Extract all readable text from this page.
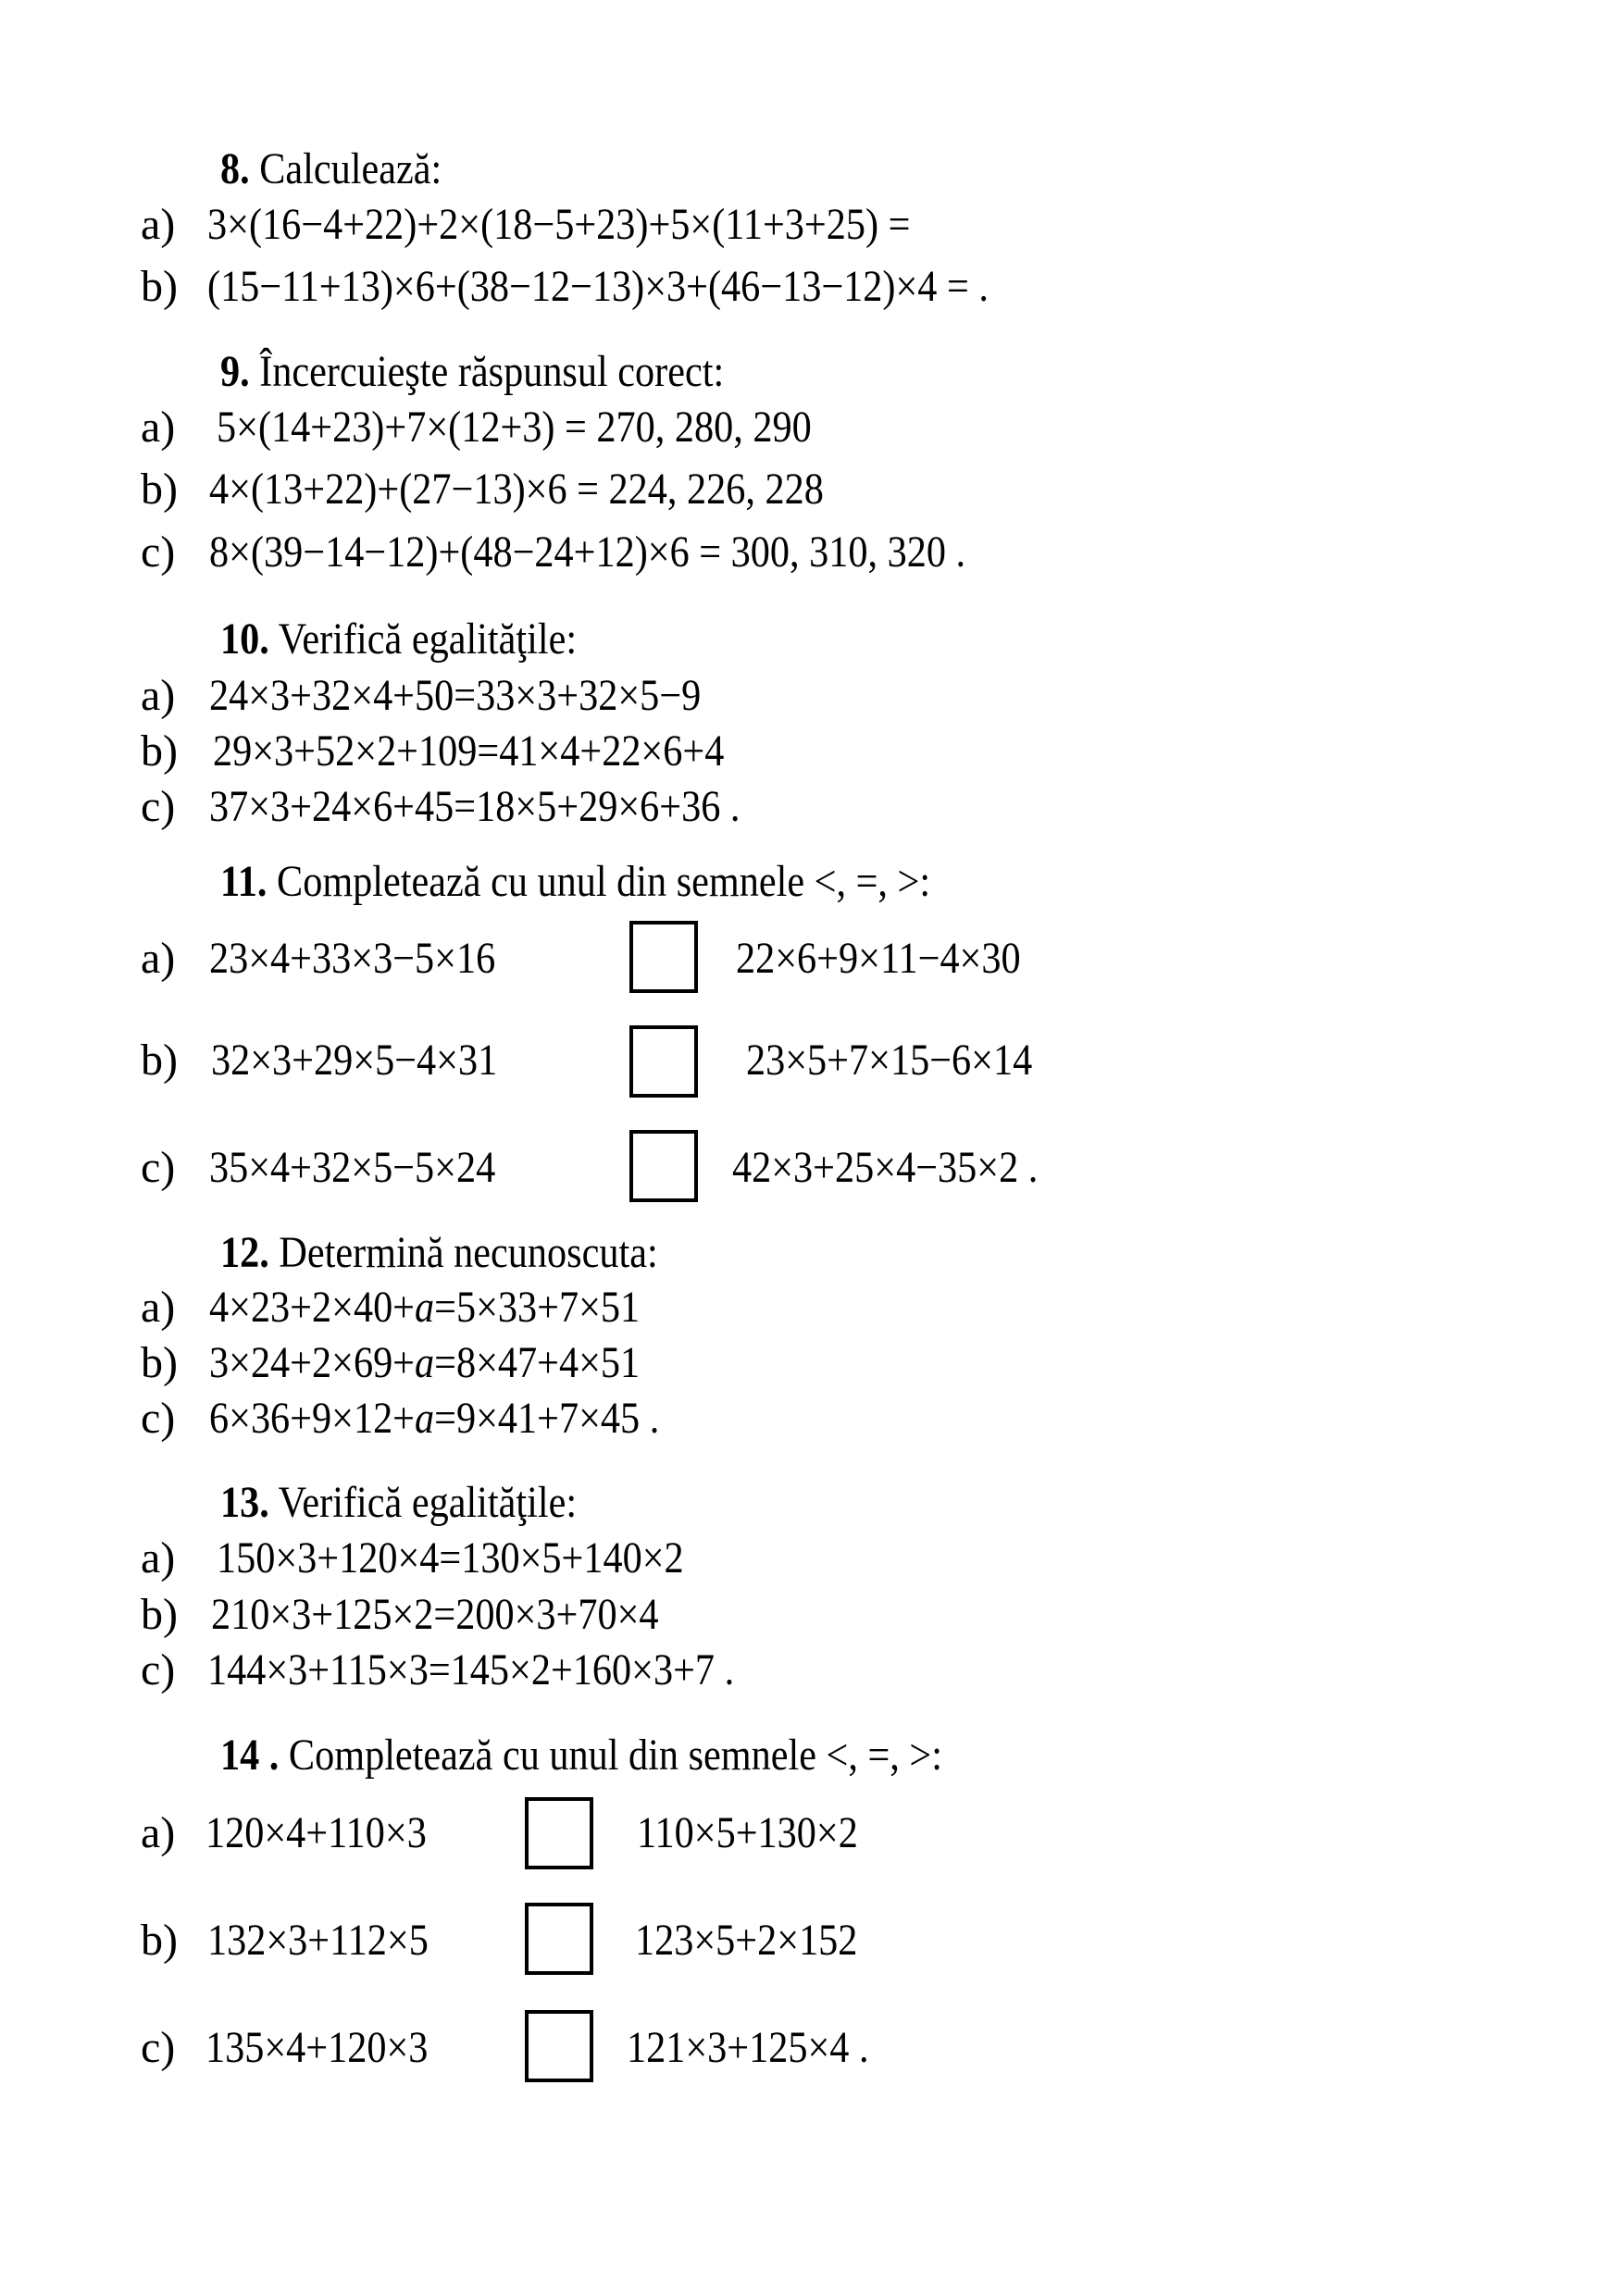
8. Calculează:
a) 3×(16−4+22)+2×(18−5+23)+5×(11+3+25) =
b) (15−11+13)×6+(38−12−13)×3+(46−13−12)×4 = .
9. Încercuieşte răspunsul corect:
a) 5×(14+23)+7×(12+3) = 270, 280, 290
b) 4×(13+22)+(27−13)×6 = 224, 226, 228
c) 8×(39−14−12)+(48−24+12)×6 = 300, 310, 320 .
10. Verifică egalităţile:
a) 24×3+32×4+50=33×3+32×5−9
b) 29×3+52×2+109=41×4+22×6+4
c) 37×3+24×6+45=18×5+29×6+36 .
11. Completează cu unul din semnele <, =, >:
a) 23×4+33×3−5×16	22×6+9×11−4×30
b) 32×3+29×5−4×31	23×5+7×15−6×14
c) 35×4+32×5−5×24	42×3+25×4−35×2 .
12. Determină necunoscuta:
a) 4×23+2×40+a=5×33+7×51
b) 3×24+2×69+a=8×47+4×51
c) 6×36+9×12+a=9×41+7×45 .
13. Verifică egalităţile:
a) 150×3+120×4=130×5+140×2
b) 210×3+125×2=200×3+70×4
c) 144×3+115×3=145×2+160×3+7 .
14 . Completează cu unul din semnele <, =, >:
a) 120×4+110×3	110×5+130×2
b) 132×3+112×5	123×5+2×152
c) 135×4+120×3	121×3+125×4 .
